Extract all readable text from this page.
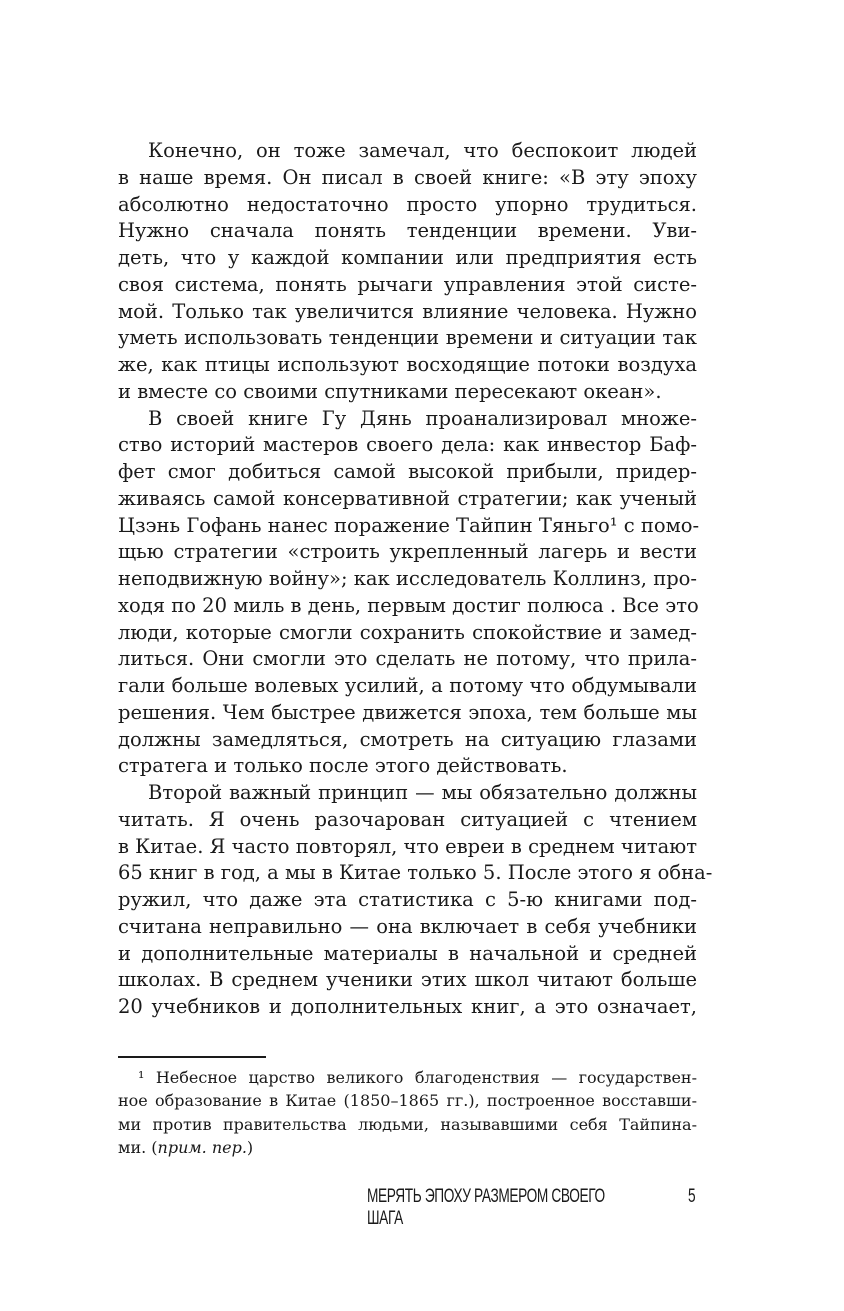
Конечно, он тоже замечал, что беспокоит людей
в наше время. Он писал в своей книге: «В эту эпоху
абсолютно недостаточно просто упорно трудиться.
Нужно сначала понять тенденции времени. Уви-
деть, что у каждой компании или предприятия есть
своя система, понять рычаги управления этой систе-
мой. Только так увеличится влияние человека. Нужно
уметь использовать тенденции времени и ситуации так
же, как птицы используют восходящие потоки воздуха
и вместе со своими спутниками пересекают океан».
В своей книге Гу Дянь проанализировал множе-
ство историй мастеров своего дела: как инвестор Баф-
фет смог добиться самой высокой прибыли, придер-
живаясь самой консервативной стратегии; как ученый
Цзэнь Гофань нанес поражение Тайпин Тяньго¹ с помо-
щью стратегии «строить укрепленный лагерь и вести
неподвижную войну»; как исследователь Коллинз, про-
ходя по 20 миль в день, первым достиг полюса . Все это
люди, которые смогли сохранить спокойствие и замед-
литься. Они смогли это сделать не потому, что прила-
гали больше волевых усилий, а потому что обдумывали
решения. Чем быстрее движется эпоха, тем больше мы
должны замедляться, смотреть на ситуацию глазами
стратега и только после этого действовать.
Второй важный принцип — мы обязательно должны
читать. Я очень разочарован ситуацией с чтением
в Китае. Я часто повторял, что евреи в среднем читают
65 книг в год, а мы в Китае только 5. После этого я обна-
ружил, что даже эта статистика с 5-ю книгами под-
считана неправильно — она включает в себя учебники
и дополнительные материалы в начальной и средней
школах. В среднем ученики этих школ читают больше
20 учебников и дополнительных книг, а это означает,
¹ Небесное царство великого благоденствия — государствен-
ное образование в Китае (1850–1865 гг.), построенное восставши-
ми против правительства людьми, называвшими себя Тайпина-
ми. (прим. пер.)
МЕРЯТЬ ЭПОХУ РАЗМЕРОМ СВОЕГО ШАГА
5
